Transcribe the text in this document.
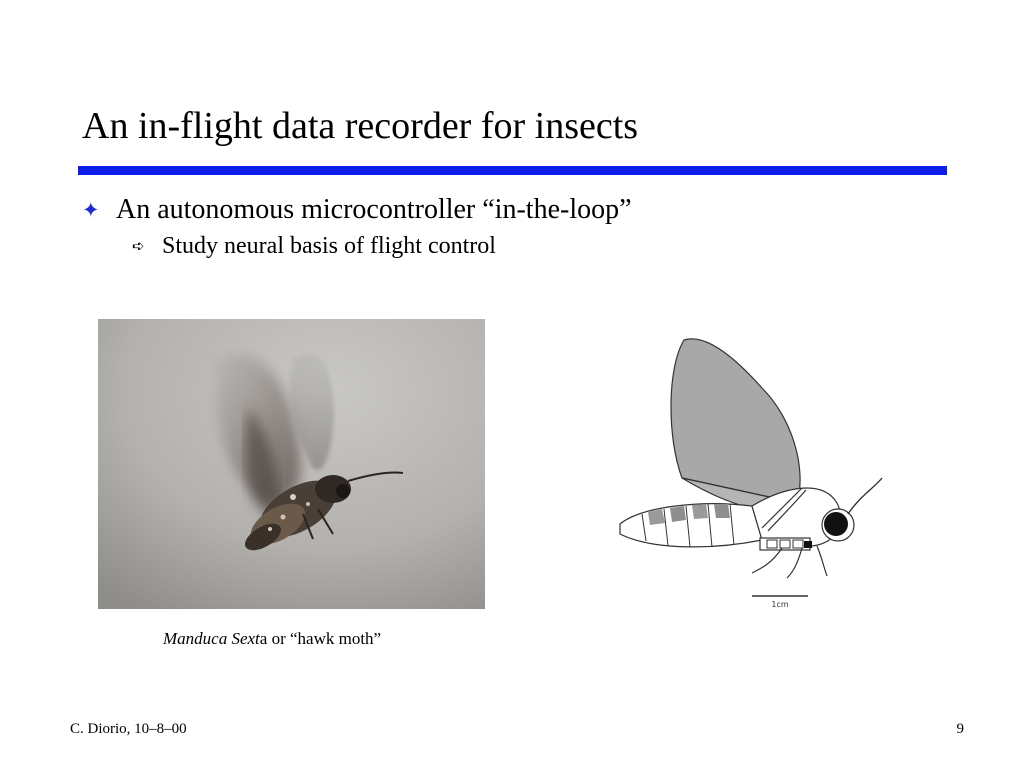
An in-flight data recorder for insects
✦ An autonomous microcontroller “in-the-loop”
➪ Study neural basis of flight control
1cm
Manduca Sexta or “hawk moth”
C. Diorio, 10–8–00	9
